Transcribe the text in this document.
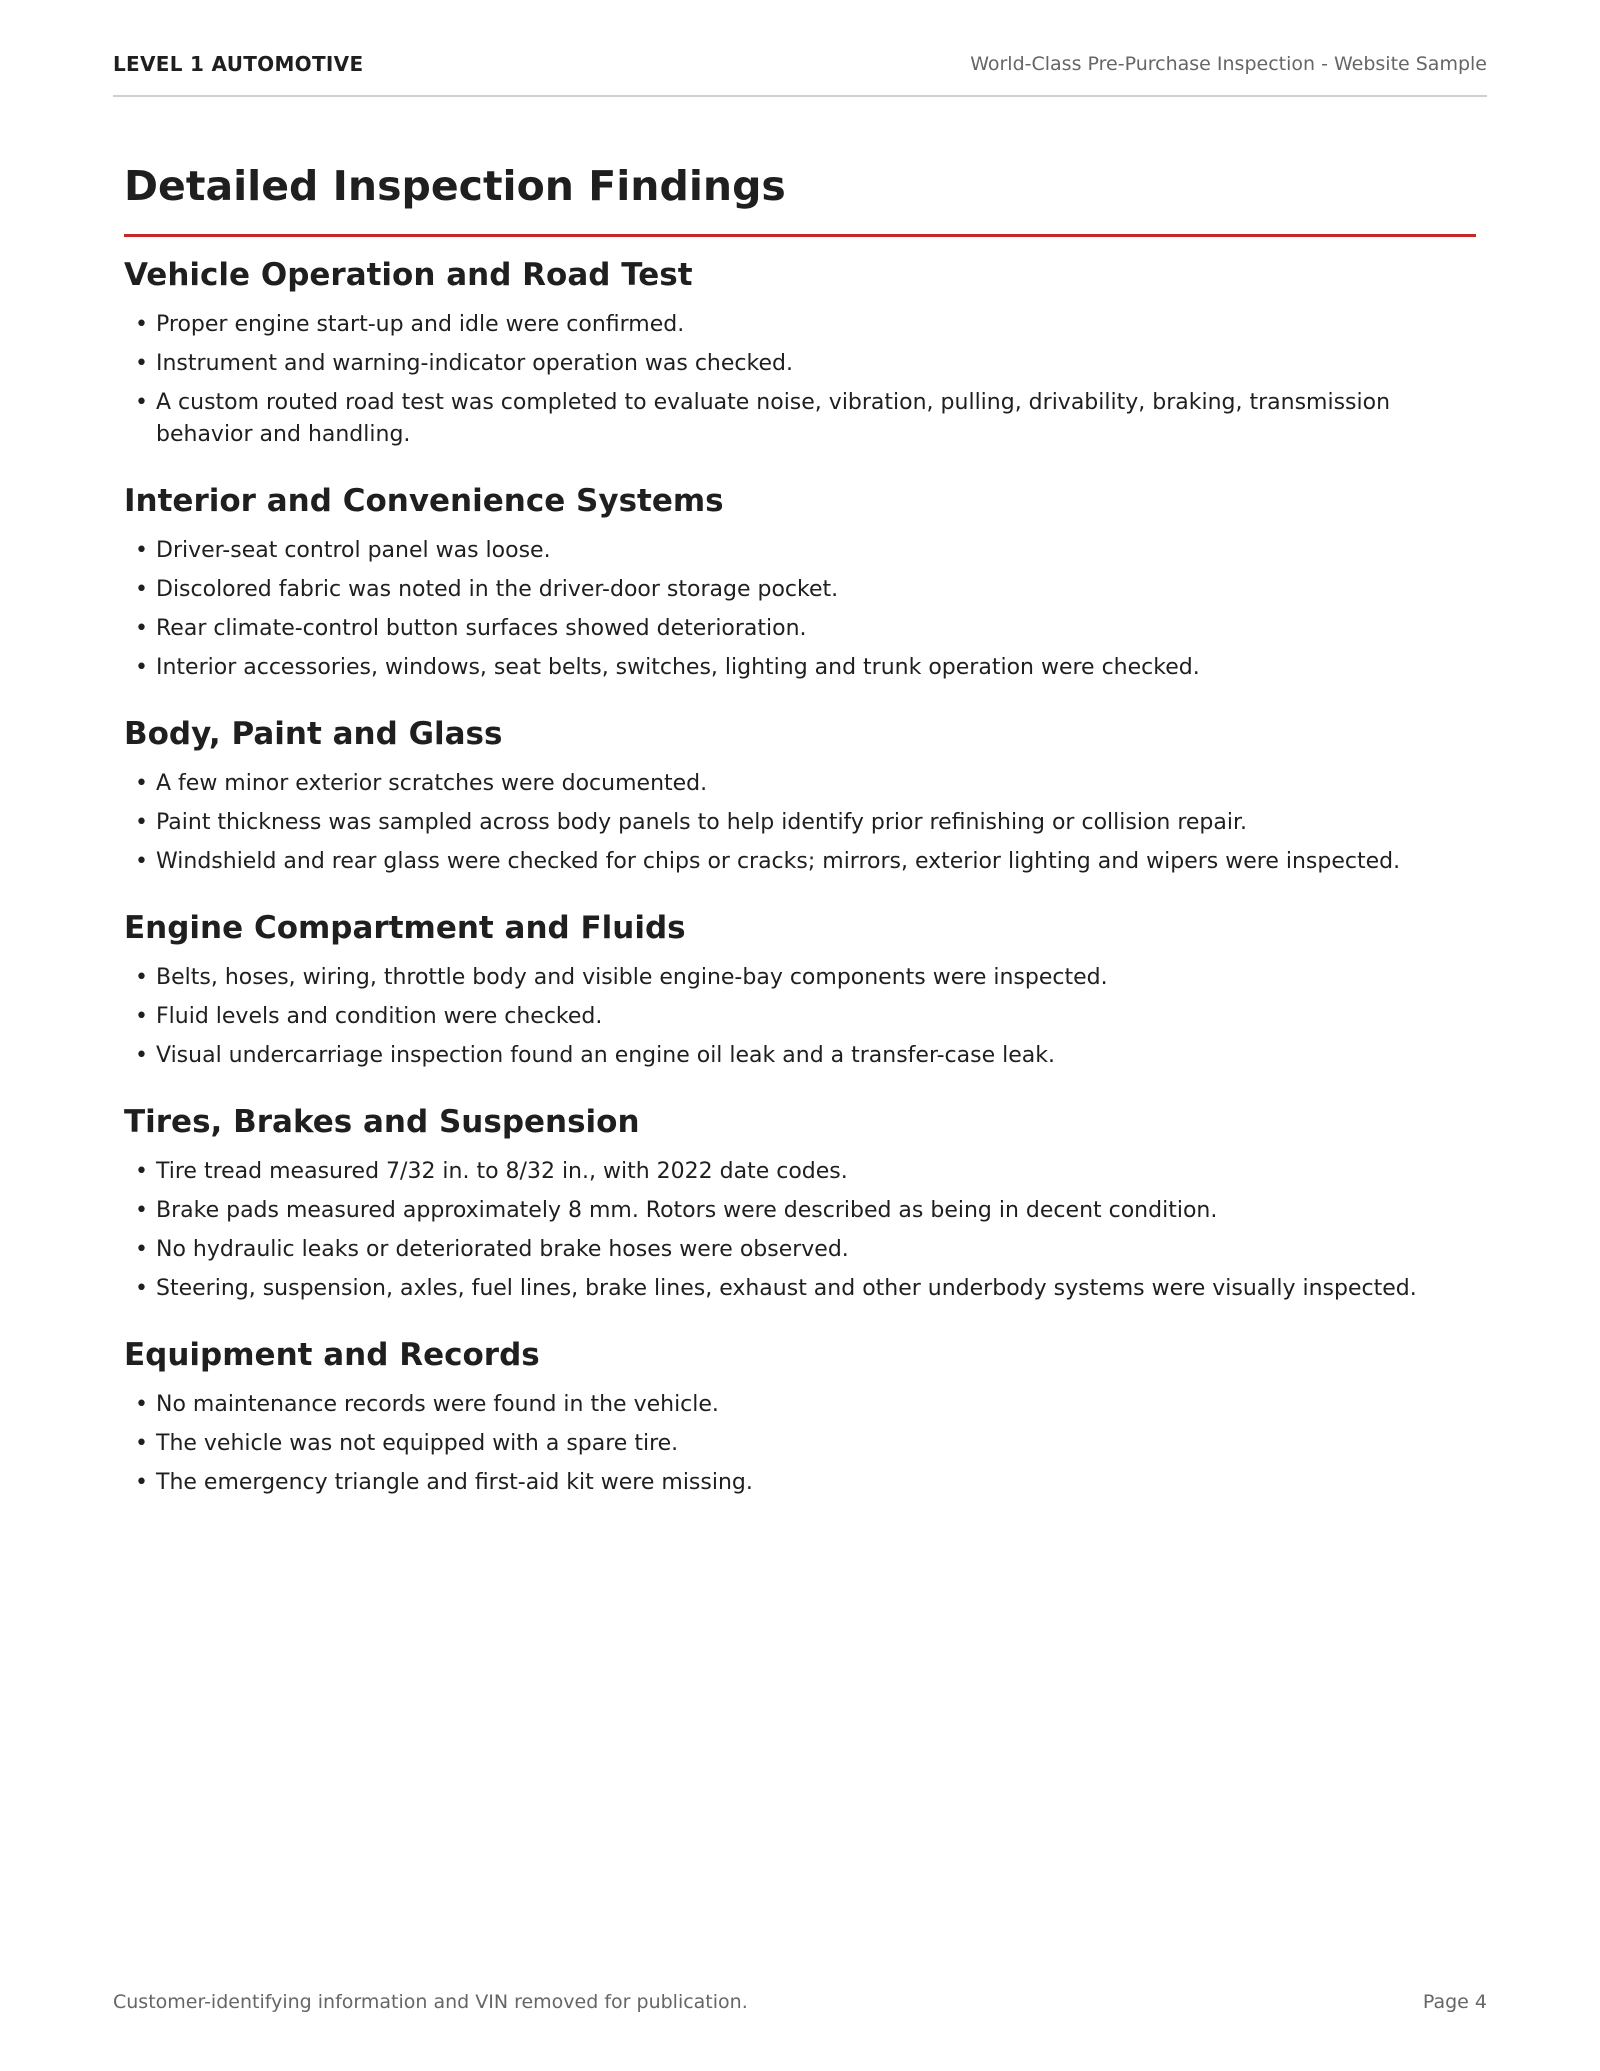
LEVEL 1 AUTOMOTIVE	World-Class Pre-Purchase Inspection - Website Sample
Detailed Inspection Findings
Vehicle Operation and Road Test
• Proper engine start-up and idle were confirmed.
• Instrument and warning-indicator operation was checked.
• A custom routed road test was completed to evaluate noise, vibration, pulling, drivability, braking, transmission behavior and handling.
Interior and Convenience Systems
• Driver-seat control panel was loose.
• Discolored fabric was noted in the driver-door storage pocket.
• Rear climate-control button surfaces showed deterioration.
• Interior accessories, windows, seat belts, switches, lighting and trunk operation were checked.
Body, Paint and Glass
• A few minor exterior scratches were documented.
• Paint thickness was sampled across body panels to help identify prior refinishing or collision repair.
• Windshield and rear glass were checked for chips or cracks; mirrors, exterior lighting and wipers were inspected.
Engine Compartment and Fluids
• Belts, hoses, wiring, throttle body and visible engine-bay components were inspected.
• Fluid levels and condition were checked.
• Visual undercarriage inspection found an engine oil leak and a transfer-case leak.
Tires, Brakes and Suspension
• Tire tread measured 7/32 in. to 8/32 in., with 2022 date codes.
• Brake pads measured approximately 8 mm. Rotors were described as being in decent condition.
• No hydraulic leaks or deteriorated brake hoses were observed.
• Steering, suspension, axles, fuel lines, brake lines, exhaust and other underbody systems were visually inspected.
Equipment and Records
• No maintenance records were found in the vehicle.
• The vehicle was not equipped with a spare tire.
• The emergency triangle and first-aid kit were missing.
Customer-identifying information and VIN removed for publication.	Page 4
